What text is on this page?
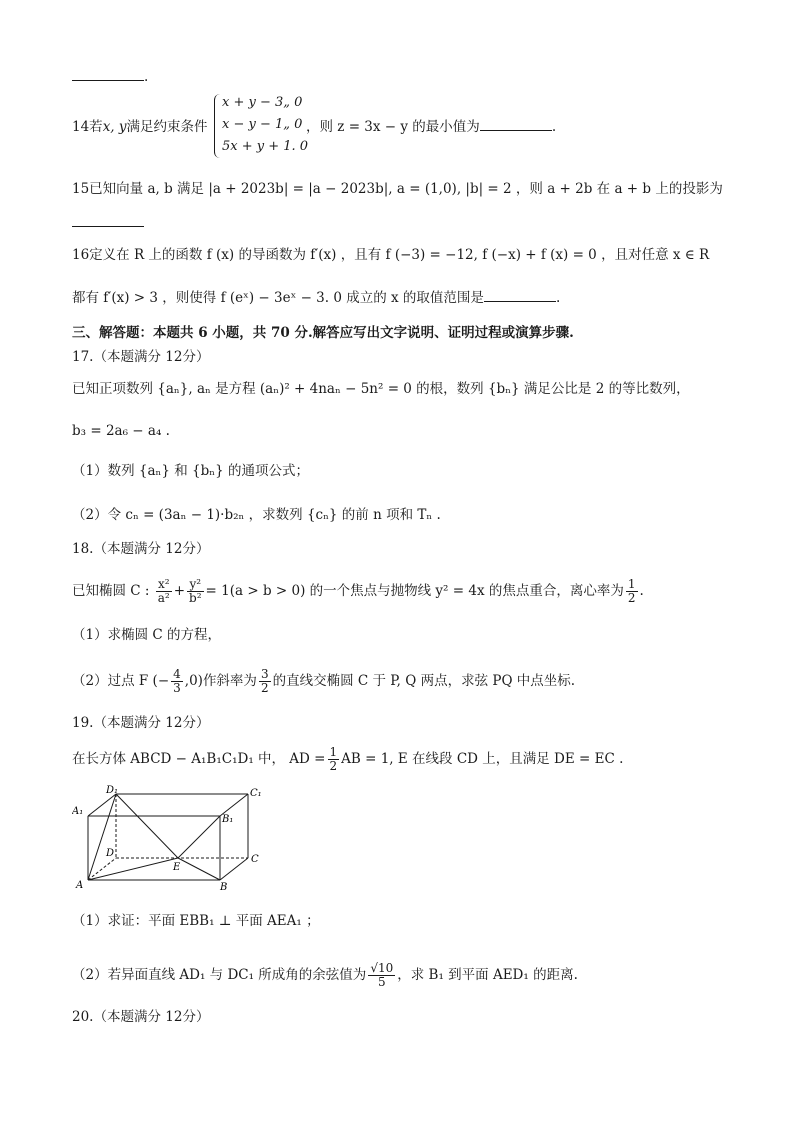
.
14若x, y满足约束条件
x + y − 3„ 0
x − y − 1„ 0
5x + y + 1. 0
，则 z = 3x − y 的最小值为	.
15已知向量 a, b 满足 |a + 2023b| = |a − 2023b|, a = (1,0), |b| = 2 ，则 a + 2b 在 a + b 上的投影为
16定义在 R 上的函数 f (x) 的导函数为 f′(x) ，且有 f (−3) = −12, f (−x) + f (x) = 0 ，且对任意 x ∈ R
都有 f′(x) > 3 ，则使得 f (eˣ) − 3eˣ − 3. 0 成立的 x 的取值范围是	.
三、解答题：本题共 6 小题，共 70 分.解答应写出文字说明、证明过程或演算步骤.
17.（本题满分 12分）
已知正项数列 {aₙ}, aₙ 是方程 (aₙ)² + 4naₙ − 5n² = 0 的根，数列 {bₙ} 满足公比是 2 的等比数列，
b₃ = 2a₆ − a₄ .
（1）数列 {aₙ} 和 {bₙ} 的通项公式；
（2）令 cₙ = (3aₙ − 1)·b₂ₙ ，求数列 {cₙ} 的前 n 项和 Tₙ .
18.（本题满分 12分）
已知椭圆 C : $\frac{\text{x²}}{\text{a²}} + \frac{\text{y²}}{\text{b²}} = 1(a > b > 0)$ 的一个焦点与抛物线 y² = 4x 的焦点重合，离心率为 $\frac{1}{2}$ .
（1）求椭圆 C 的方程，
（2）过点 F (− $\frac{4}{3} ,0$)作斜率为 $\frac{3}{2}$ 的直线交椭圆 C 于 P, Q 两点，求弦 PQ 中点坐标.
19.（本题满分 12分）
在长方体 ABCD − A₁B₁C₁D₁ 中， AD = $\frac{1}{2}$ AB = 1, E 在线段 CD 上，且满足 DE = EC .
D₁	C₁
A₁
B₁
D
C
E
A	B
（1）求证：平面 EBB₁ ⊥ 平面 AEA₁ ；
（2）若异面直线 AD₁ 与 DC₁ 所成角的余弦值为 $\frac{√10}{5}$ ，求 B₁ 到平面 AED₁ 的距离.
20.（本题满分 12分）
